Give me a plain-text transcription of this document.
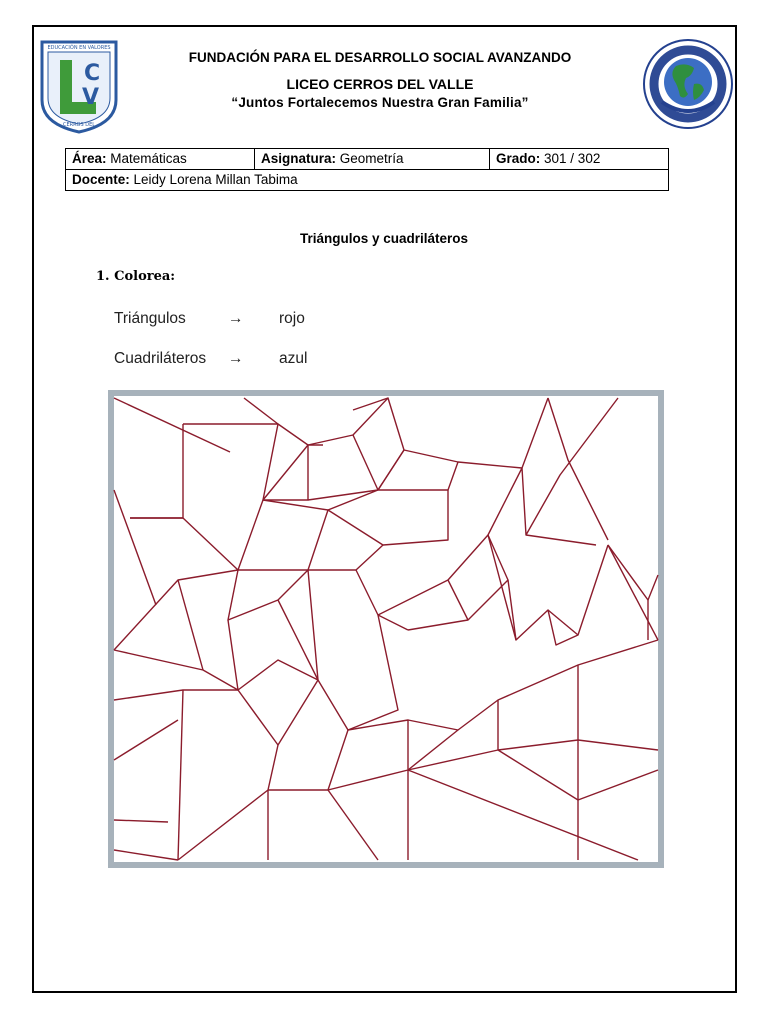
C
V
EDUCACIÓN EN VALORES
CERROS DEL
FUNDACIÓN PARA EL DESARROLLO SOCIAL AVANZANDO
LICEO CERROS DEL VALLE
“Juntos Fortalecemos Nuestra Gran Familia”
Área: Matemáticas	Asignatura: Geometría	Grado: 301 / 302
Docente: Leidy Lorena Millan Tabima
Triángulos y cuadriláteros
1. Colorea:
Triángulos	→ rojo
Cuadriláteros → azul
